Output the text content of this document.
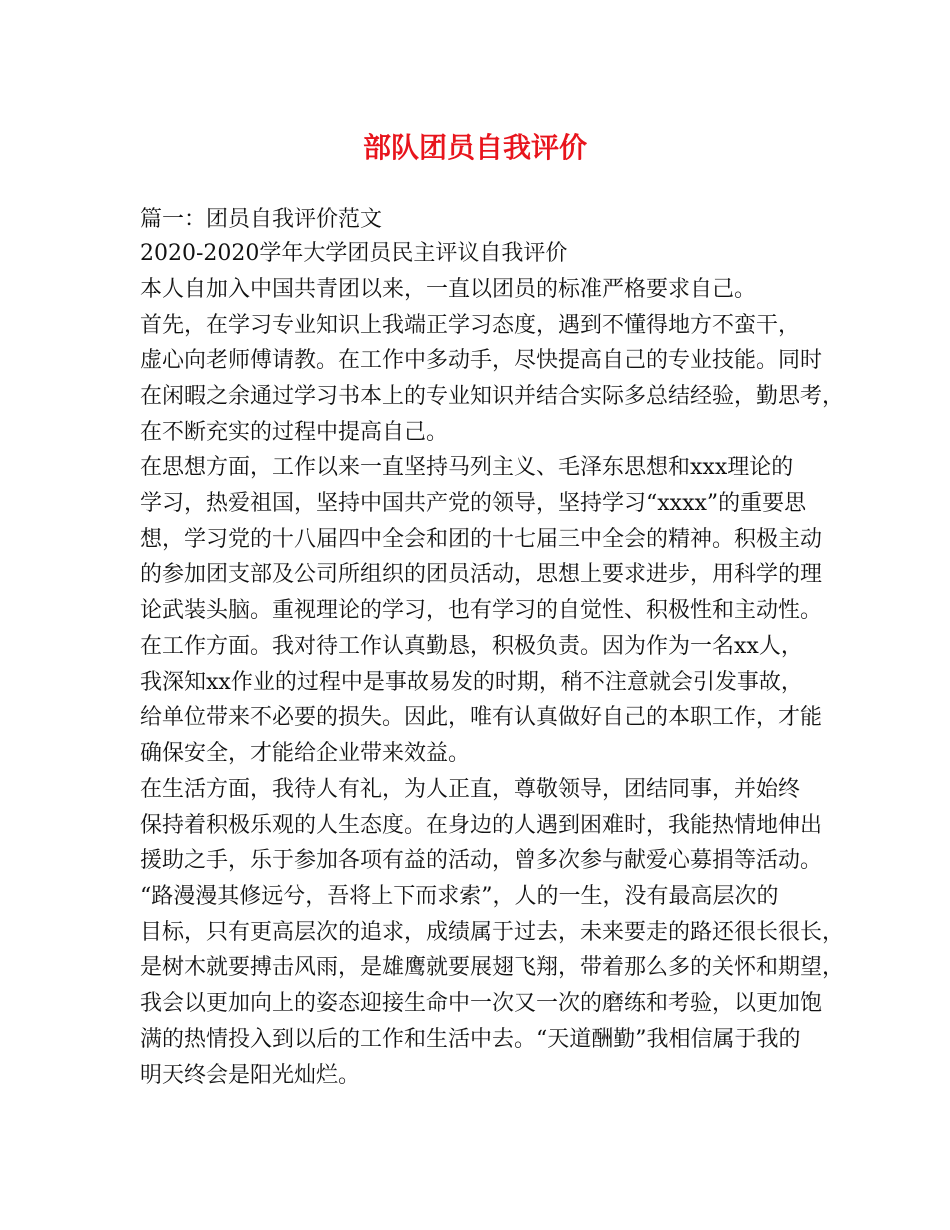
部队团员自我评价
篇一：团员自我评价范文
2020-2020学年大学团员民主评议自我评价
本人自加入中国共青团以来，一直以团员的标准严格要求自己。
首先，在学习专业知识上我端正学习态度，遇到不懂得地方不蛮干，
虚心向老师傅请教。在工作中多动手，尽快提高自己的专业技能。同时
在闲暇之余通过学习书本上的专业知识并结合实际多总结经验，勤思考，
在不断充实的过程中提高自己。
在思想方面，工作以来一直坚持马列主义、毛泽东思想和xxx理论的
学习，热爱祖国，坚持中国共产党的领导，坚持学习“xxxx”的重要思
想，学习党的十八届四中全会和团的十七届三中全会的精神。积极主动
的参加团支部及公司所组织的团员活动，思想上要求进步，用科学的理
论武装头脑。重视理论的学习，也有学习的自觉性、积极性和主动性。
在工作方面。我对待工作认真勤恳，积极负责。因为作为一名xx人，
我深知xx作业的过程中是事故易发的时期，稍不注意就会引发事故，
给单位带来不必要的损失。因此，唯有认真做好自己的本职工作，才能
确保安全，才能给企业带来效益。
在生活方面，我待人有礼，为人正直，尊敬领导，团结同事，并始终
保持着积极乐观的人生态度。在身边的人遇到困难时，我能热情地伸出
援助之手，乐于参加各项有益的活动，曾多次参与献爱心募捐等活动。
“路漫漫其修远兮，吾将上下而求索”，人的一生，没有最高层次的
目标，只有更高层次的追求，成绩属于过去，未来要走的路还很长很长，
是树木就要搏击风雨，是雄鹰就要展翅飞翔，带着那么多的关怀和期望，
我会以更加向上的姿态迎接生命中一次又一次的磨练和考验，以更加饱
满的热情投入到以后的工作和生活中去。“天道酬勤”我相信属于我的
明天终会是阳光灿烂。
